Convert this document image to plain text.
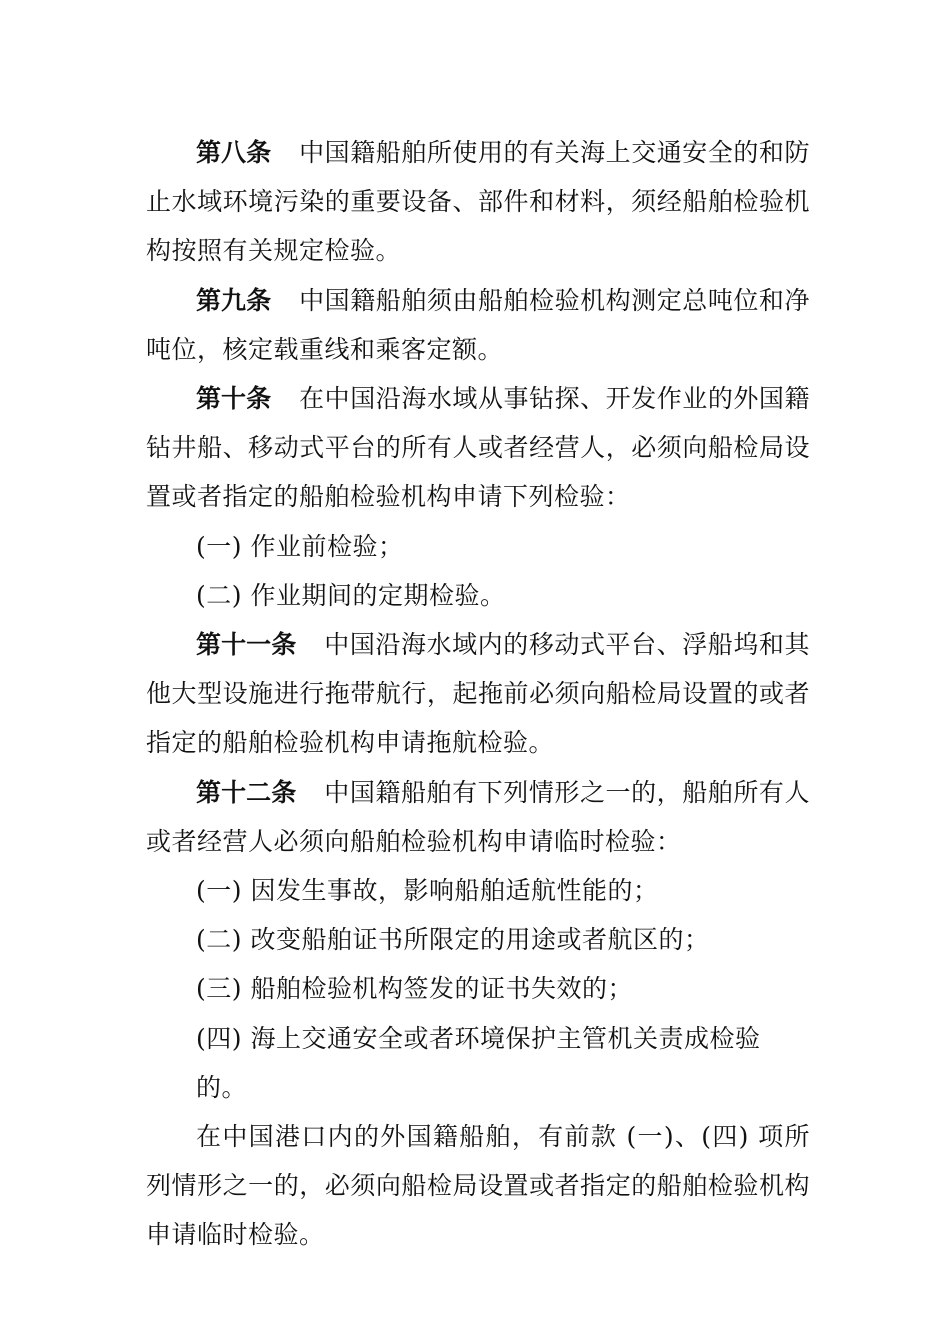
第八条 中国籍船舶所使用的有关海上交通安全的和防止水域环境污染的重要设备、部件和材料，须经船舶检验机构按照有关规定检验。

第九条 中国籍船舶须由船舶检验机构测定总吨位和净吨位，核定载重线和乘客定额。

第十条 在中国沿海水域从事钻探、开发作业的外国籍钻井船、移动式平台的所有人或者经营人，必须向船检局设置或者指定的船舶检验机构申请下列检验：

(一) 作业前检验；

(二) 作业期间的定期检验。

第十一条 中国沿海水域内的移动式平台、浮船坞和其他大型设施进行拖带航行，起拖前必须向船检局设置的或者指定的船舶检验机构申请拖航检验。

第十二条 中国籍船舶有下列情形之一的，船舶所有人或者经营人必须向船舶检验机构申请临时检验：

(一) 因发生事故，影响船舶适航性能的；

(二) 改变船舶证书所限定的用途或者航区的；

(三) 船舶检验机构签发的证书失效的；

(四) 海上交通安全或者环境保护主管机关责成检验的。

在中国港口内的外国籍船舶，有前款 (一)、(四) 项所列情形之一的，必须向船检局设置或者指定的船舶检验机构申请临时检验。
